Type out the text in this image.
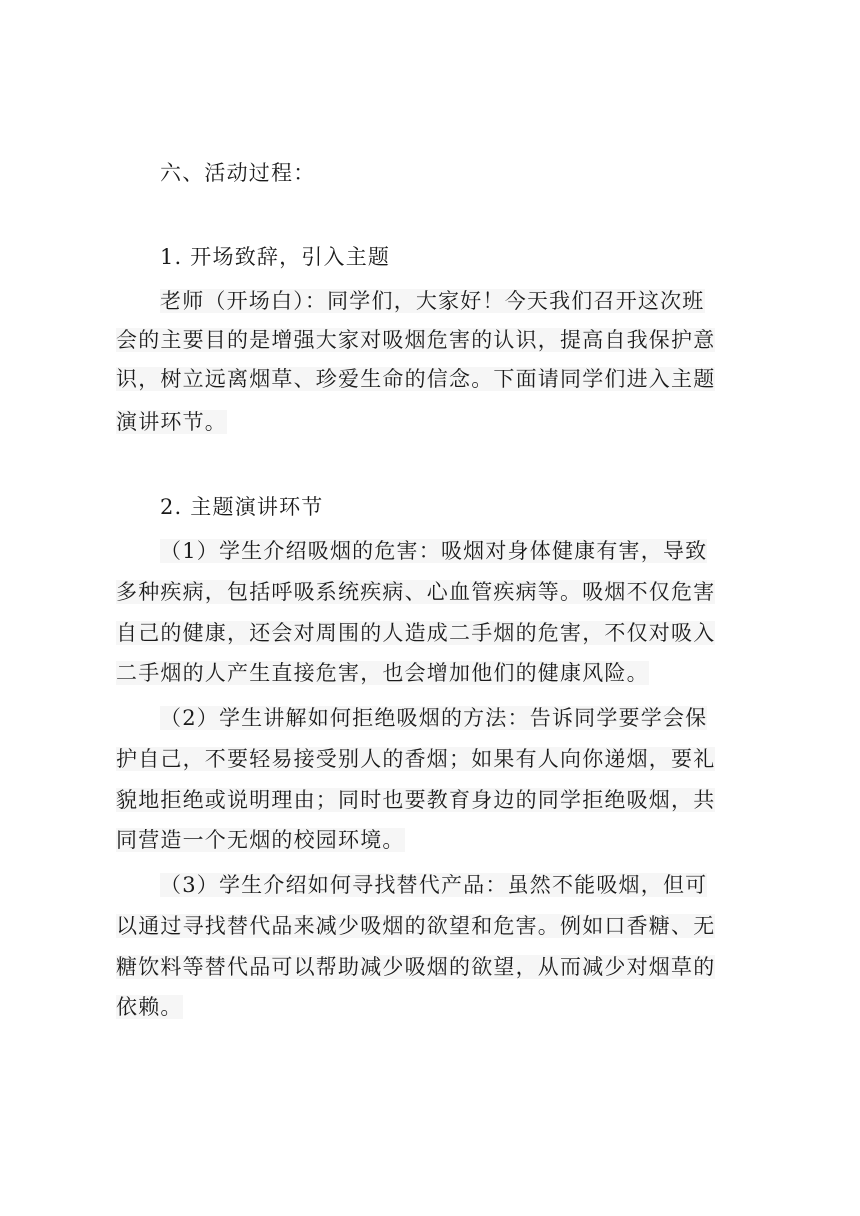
六、活动过程：
1. 开场致辞，引入主题
老师（开场白）：同学们，大家好！今天我们召开这次班
会的主要目的是增强大家对吸烟危害的认识，提高自我保护意
识，树立远离烟草、珍爱生命的信念。下面请同学们进入主题
演讲环节。
2. 主题演讲环节
（1）学生介绍吸烟的危害：吸烟对身体健康有害，导致
多种疾病，包括呼吸系统疾病、心血管疾病等。吸烟不仅危害
自己的健康，还会对周围的人造成二手烟的危害，不仅对吸入
二手烟的人产生直接危害，也会增加他们的健康风险。
（2）学生讲解如何拒绝吸烟的方法：告诉同学要学会保
护自己，不要轻易接受别人的香烟；如果有人向你递烟，要礼
貌地拒绝或说明理由；同时也要教育身边的同学拒绝吸烟，共
同营造一个无烟的校园环境。
（3）学生介绍如何寻找替代产品：虽然不能吸烟，但可
以通过寻找替代品来减少吸烟的欲望和危害。例如口香糖、无
糖饮料等替代品可以帮助减少吸烟的欲望，从而减少对烟草的
依赖。
